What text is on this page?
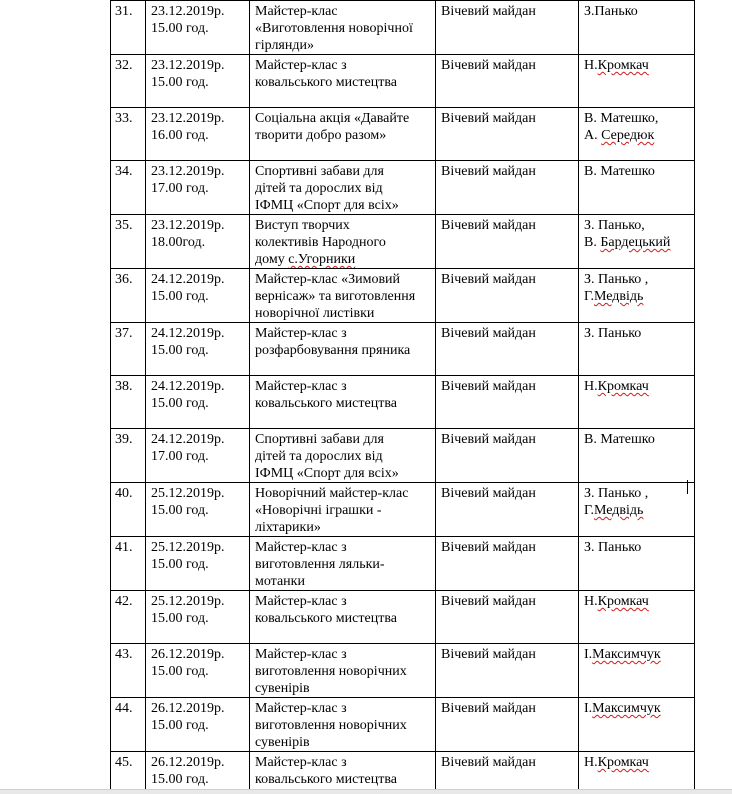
31.	23.12.2019р.
15.00 год.	Майстер-клас
«Виготовлення новорічної
гірлянди»	Вічевий майдан	З.Панько

32.	23.12.2019р.
15.00 год.	Майстер-клас з
ковальського мистецтва	Вічевий майдан	Н.Кромкач

33.	23.12.2019р.
16.00 год.	Соціальна акція «Давайте
творити добро разом»	Вічевий майдан	В. Матешко,
А. Середюк

34.	23.12.2019р.
17.00 год.	Спортивні забави для
дітей та дорослих від
ІФМЦ «Спорт для всіх»	Вічевий майдан	В. Матешко

35.	23.12.2019р.
18.00год.	Виступ творчих
колективів Народного
дому с.Угорники	Вічевий майдан	З. Панько,
В. Бардецький

36.	24.12.2019р.
15.00 год.	Майстер-клас «Зимовий
вернісаж» та виготовлення
новорічної листівки	Вічевий майдан	З. Панько ,
Г.Медвідь

37.	24.12.2019р.
15.00 год.	Майстер-клас з
розфарбовування пряника	Вічевий майдан	З. Панько

38.	24.12.2019р.
15.00 год.	Майстер-клас з
ковальського мистецтва	Вічевий майдан	Н.Кромкач

39.	24.12.2019р.
17.00 год.	Спортивні забави для
дітей та дорослих від
ІФМЦ «Спорт для всіх»	Вічевий майдан	В. Матешко

40.	25.12.2019р.
15.00 год.	Новорічний майстер-клас
«Новорічні іграшки -
ліхтарики»	Вічевий майдан	З. Панько ,
Г.Медвідь

41.	25.12.2019р.
15.00 год.	Майстер-клас з
виготовлення ляльки-
мотанки	Вічевий майдан	З. Панько

42.	25.12.2019р.
15.00 год.	Майстер-клас з
ковальського мистецтва	Вічевий майдан	Н.Кромкач

43.	26.12.2019р.
15.00 год.	Майстер-клас з
виготовлення новорічних
сувенірів	Вічевий майдан	І.Максимчук

44.	26.12.2019р.
15.00 год.	Майстер-клас з
виготовлення новорічних
сувенірів	Вічевий майдан	І.Максимчук

45.	26.12.2019р.
15.00 год.	Майстер-клас з
ковальського мистецтва	Вічевий майдан	Н.Кромкач
